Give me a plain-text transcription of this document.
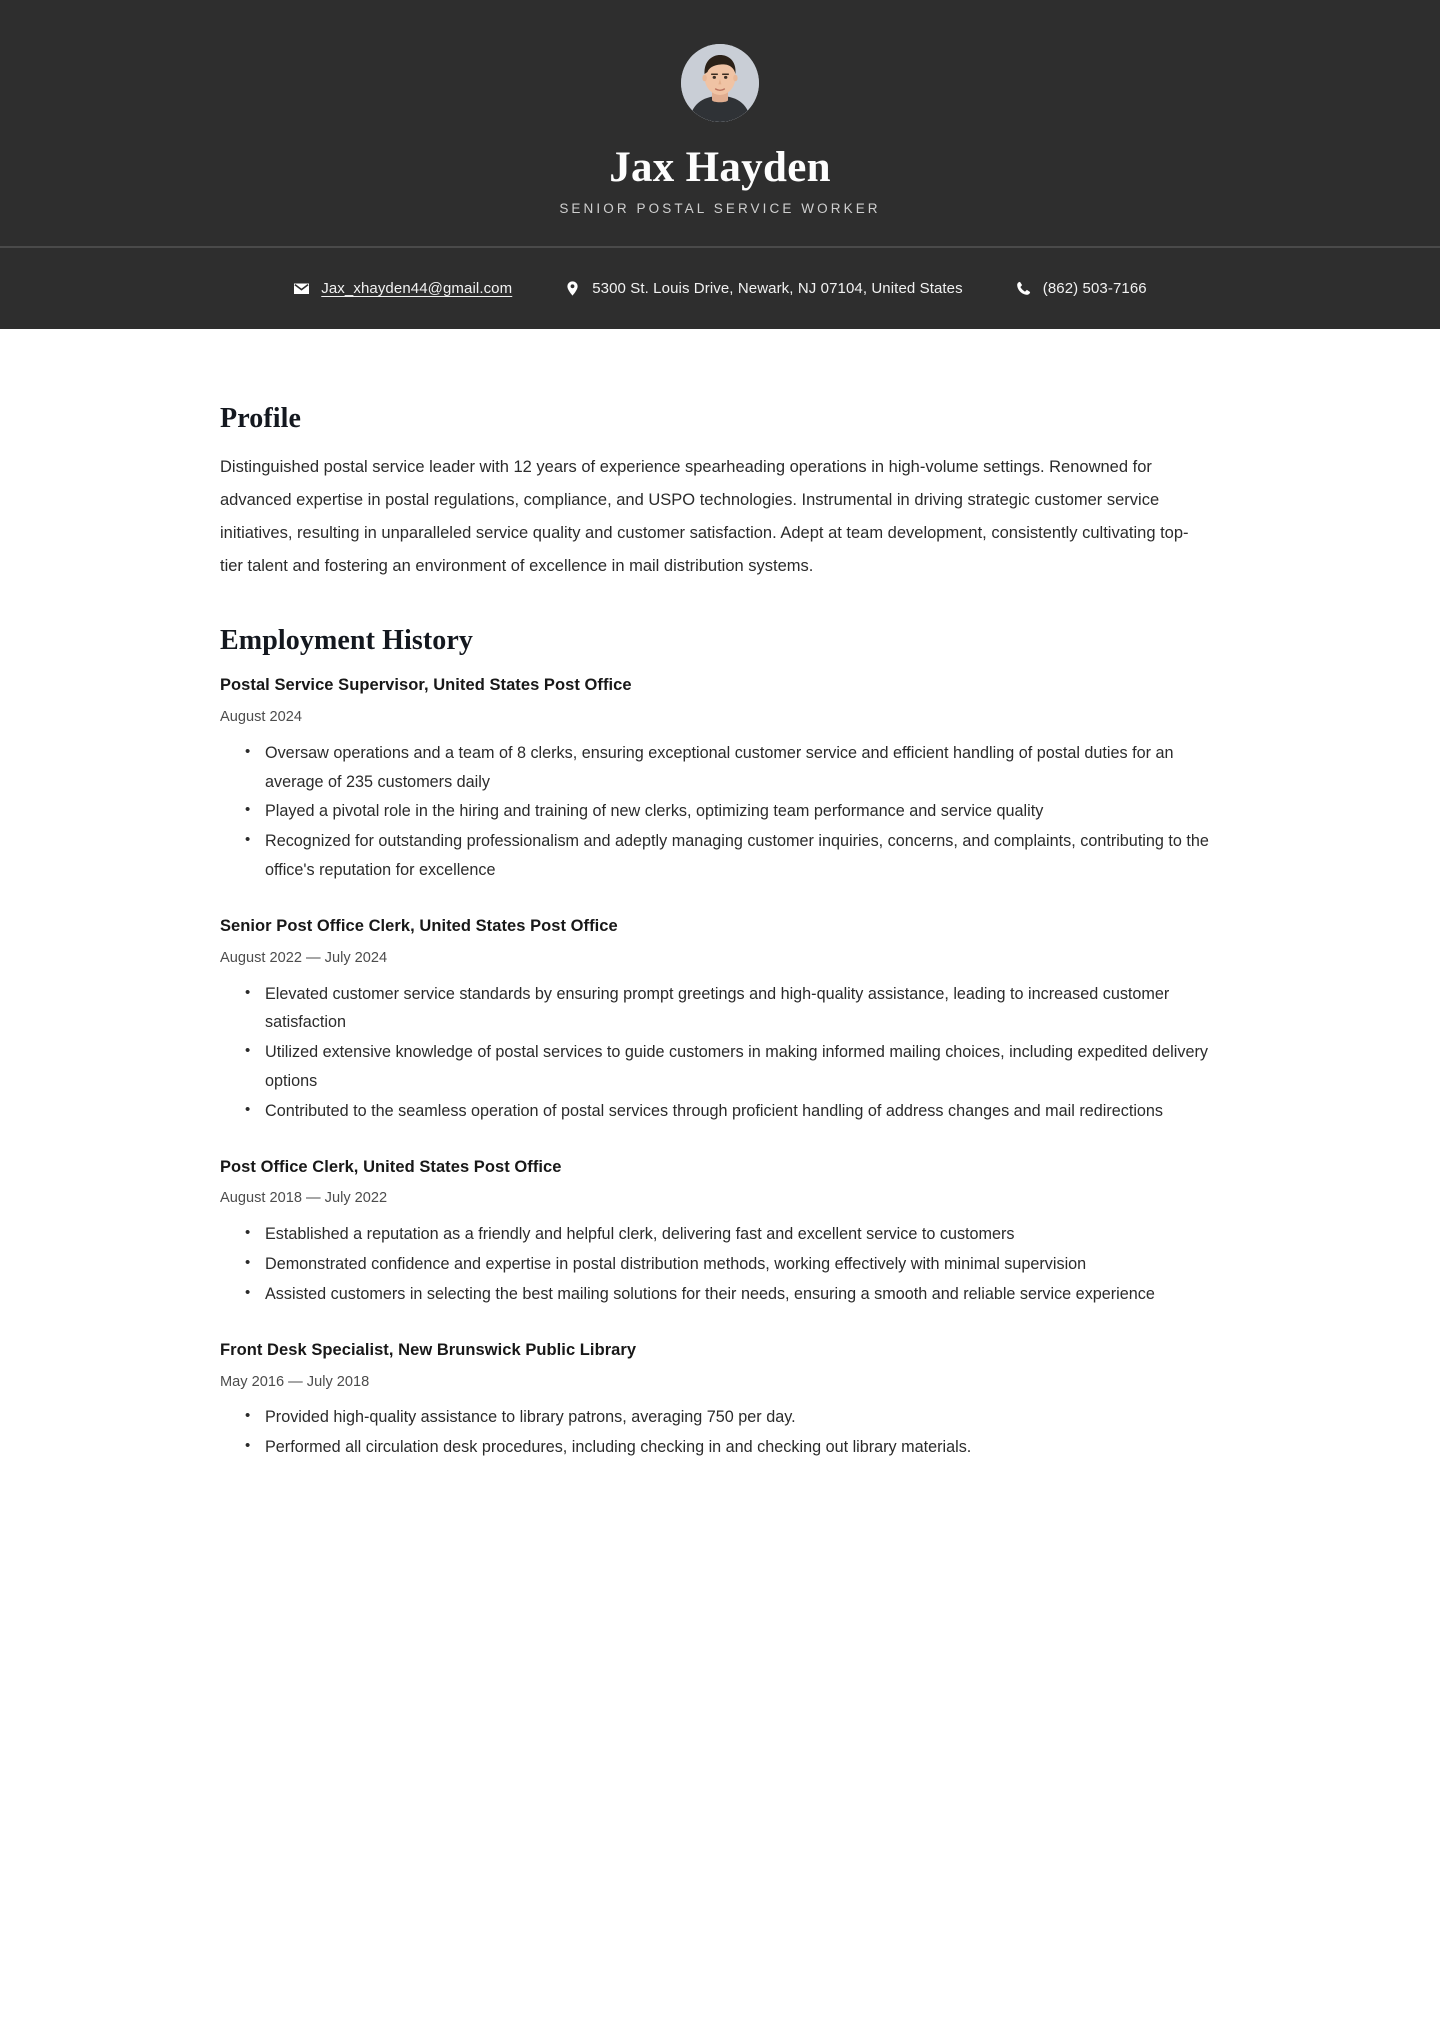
Jax Hayden
SENIOR POSTAL SERVICE WORKER
Jax_xhayden44@gmail.com	5300 St. Louis Drive, Newark, NJ 07104, United States	(862) 503-7166
Profile

Distinguished postal service leader with 12 years of experience spearheading operations in high-volume settings. Renowned for advanced expertise in postal regulations, compliance, and USPO technologies. Instrumental in driving strategic customer service initiatives, resulting in unparalleled service quality and customer satisfaction. Adept at team development, consistently cultivating top-tier talent and fostering an environment of excellence in mail distribution systems.

Employment History
Postal Service Supervisor, United States Post Office
August 2024
• Oversaw operations and a team of 8 clerks, ensuring exceptional customer service and efficient handling of postal duties for an average of 235 customers daily
• Played a pivotal role in the hiring and training of new clerks, optimizing team performance and service quality
• Recognized for outstanding professionalism and adeptly managing customer inquiries, concerns, and complaints, contributing to the office's reputation for excellence
Senior Post Office Clerk, United States Post Office
August 2022 — July 2024
• Elevated customer service standards by ensuring prompt greetings and high-quality assistance, leading to increased customer satisfaction
• Utilized extensive knowledge of postal services to guide customers in making informed mailing choices, including expedited delivery options
• Contributed to the seamless operation of postal services through proficient handling of address changes and mail redirections
Post Office Clerk, United States Post Office
August 2018 — July 2022
• Established a reputation as a friendly and helpful clerk, delivering fast and excellent service to customers
• Demonstrated confidence and expertise in postal distribution methods, working effectively with minimal supervision
• Assisted customers in selecting the best mailing solutions for their needs, ensuring a smooth and reliable service experience
Front Desk Specialist, New Brunswick Public Library
May 2016 — July 2018
• Provided high-quality assistance to library patrons, averaging 750 per day.
• Performed all circulation desk procedures, including checking in and checking out library materials.
